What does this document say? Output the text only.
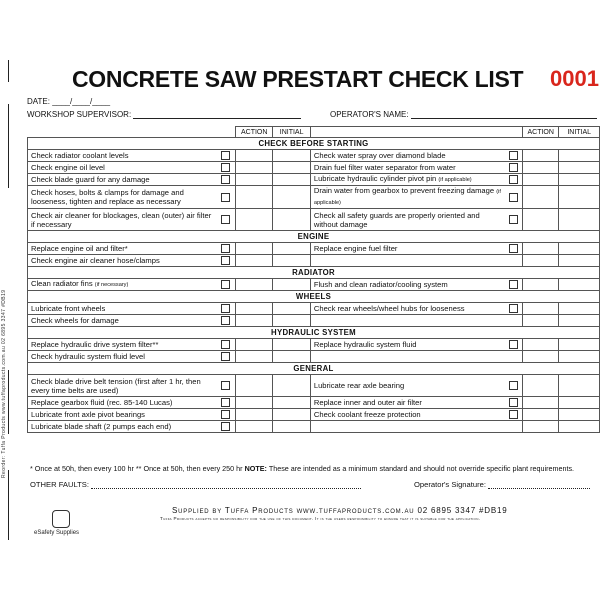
Reorder: Tuffa Products www.tuffaproducts.com.au 02 6895 3347 #DB19
CONCRETE SAW PRESTART CHECK LIST 0001
DATE: ____/____/____
WORKSHOP SUPERVISOR:	OPERATOR'S NAME:
		ACTION	INITIAL			ACTION	INITIAL
CHECK BEFORE STARTING							
Check radiator coolant levels				Check water spray over diamond blade			
Check engine oil level				Drain fuel filter water separator from water			
Check blade guard for any damage				Lubricate hydraulic cylinder pivot pin (if applicable)			
Check hoses, bolts & clamps for damage and looseness, tighten and replace as necessary				Drain water from gearbox to prevent freezing damage (if applicable)			
Check air cleaner for blockages, clean (outer) air filter if necessary				Check all safety guards are properly oriented and without damage			
ENGINE							
Replace engine oil and filter*				Replace engine fuel filter			
Check engine air cleaner hose/clamps							
RADIATOR							
Clean radiator fins (if necessary)				Flush and clean radiator/cooling system			
WHEELS							
Lubricate front wheels				Check rear wheels/wheel hubs for looseness			
Check wheels for damage							
HYDRAULIC SYSTEM							
Replace hydraulic drive system filter**				Replace hydraulic system fluid			
Check hydraulic system fluid level							
GENERAL							
Check blade drive belt tension (first after 1 hr, then every time belts are used)				Lubricate rear axle bearing			
Replace gearbox fluid (rec. 85-140 Lucas)				Replace inner and outer air filter			
Lubricate front axle pivot bearings				Check coolant freeze protection			
Lubricate blade shaft (2 pumps each end)							
* Once at 50h, then every 100 hr ** Once at 50h, then every 250 hr NOTE: These are intended as a minimum standard and should not override specific plant requirements.
OTHER FAULTS:	Operator's Signature:
eSafety Supplies
Supplied by Tuffa Products www.tuffaproducts.com.au 02 6895 3347 #DB19
Tuffa Products accepts no responsibility for the use of this document. It is the users responsibility to ensure that it is suitable for the application.
